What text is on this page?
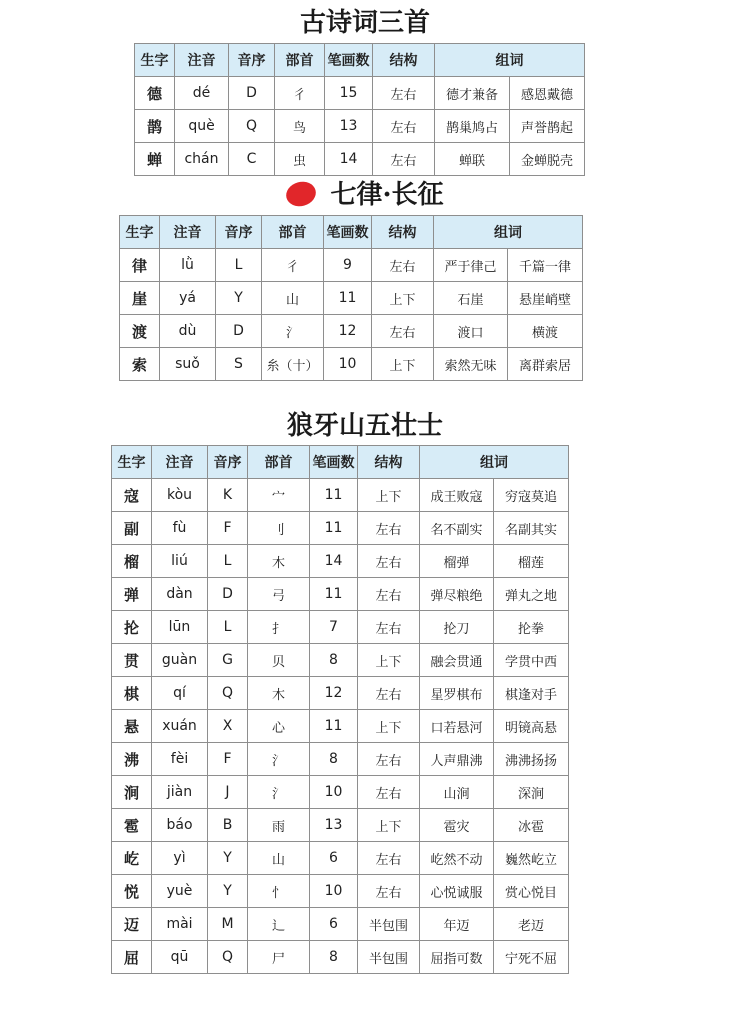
古诗词三首
生字	注音	音序	部首	笔画数	结构	组词	
德	dé	D	彳	15	左右	德才兼备	感恩戴德
鹊	què	Q	鸟	13	左右	鹊巢鸠占	声誉鹊起
蝉	chán	C	虫	14	左右	蝉联	金蝉脱壳
七律·长征
生字	注音	音序	部首	笔画数	结构	组词	
律	lǜ	L	彳	9	左右	严于律己	千篇一律
崖	yá	Y	山	11	上下	石崖	悬崖峭壁
渡	dù	D	氵	12	左右	渡口	横渡
索	suǒ	S	糸（十）	10	上下	索然无味	离群索居
狼牙山五壮士
生字	注音	音序	部首	笔画数	结构	组词	
寇	kòu	K	宀	11	上下	成王败寇	穷寇莫追
副	fù	F	刂	11	左右	名不副实	名副其实
榴	liú	L	木	14	左右	榴弹	榴莲
弹	dàn	D	弓	11	左右	弹尽粮绝	弹丸之地
抡	lūn	L	扌	7	左右	抡刀	抡拳
贯	guàn	G	贝	8	上下	融会贯通	学贯中西
棋	qí	Q	木	12	左右	星罗棋布	棋逢对手
悬	xuán	X	心	11	上下	口若悬河	明镜高悬
沸	fèi	F	氵	8	左右	人声鼎沸	沸沸扬扬
涧	jiàn	J	氵	10	左右	山涧	深涧
雹	báo	B	雨	13	上下	雹灾	冰雹
屹	yì	Y	山	6	左右	屹然不动	巍然屹立
悦	yuè	Y	忄	10	左右	心悦诚服	赏心悦目
迈	mài	M	辶	6	半包围	年迈	老迈
屈	qū	Q	尸	8	半包围	屈指可数	宁死不屈
